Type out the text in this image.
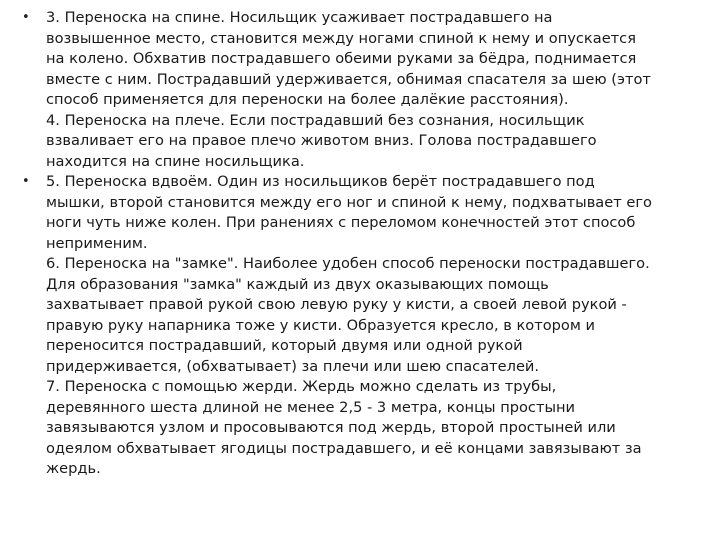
• 3. Переноска на спине. Носильщик усаживает пострадавшего на
возвышенное место, становится между ногами спиной к нему и опускается
на колено. Обхватив пострадавшего обеими руками за бёдра, поднимается
вместе с ним. Пострадавший удерживается, обнимая спасателя за шею (этот
способ применяется для переноски на более далёкие расстояния).
4. Переноска на плече. Если пострадавший без сознания, носильщик
взваливает его на правое плечо животом вниз. Голова пострадавшего
находится на спине носильщика.

• 5. Переноска вдвоём. Один из носильщиков берёт пострадавшего под
мышки, второй становится между его ног и спиной к нему, подхватывает его
ноги чуть ниже колен. При ранениях с переломом конечностей этот способ
неприменим.
6. Переноска на "замке". Наиболее удобен способ переноски пострадавшего.
Для образования "замка" каждый из двух оказывающих помощь
захватывает правой рукой свою левую руку у кисти, а своей левой рукой -
правую руку напарника тоже у кисти. Образуется кресло, в котором и
переносится пострадавший, который двумя или одной рукой
придерживается, (обхватывает) за плечи или шею спасателей.
7. Переноска с помощью жерди. Жердь можно сделать из трубы,
деревянного шеста длиной не менее 2,5 - 3 метра, концы простыни
завязываются узлом и просовываются под жердь, второй простыней или
одеялом обхватывает ягодицы пострадавшего, и её концами завязывают за
жердь.
